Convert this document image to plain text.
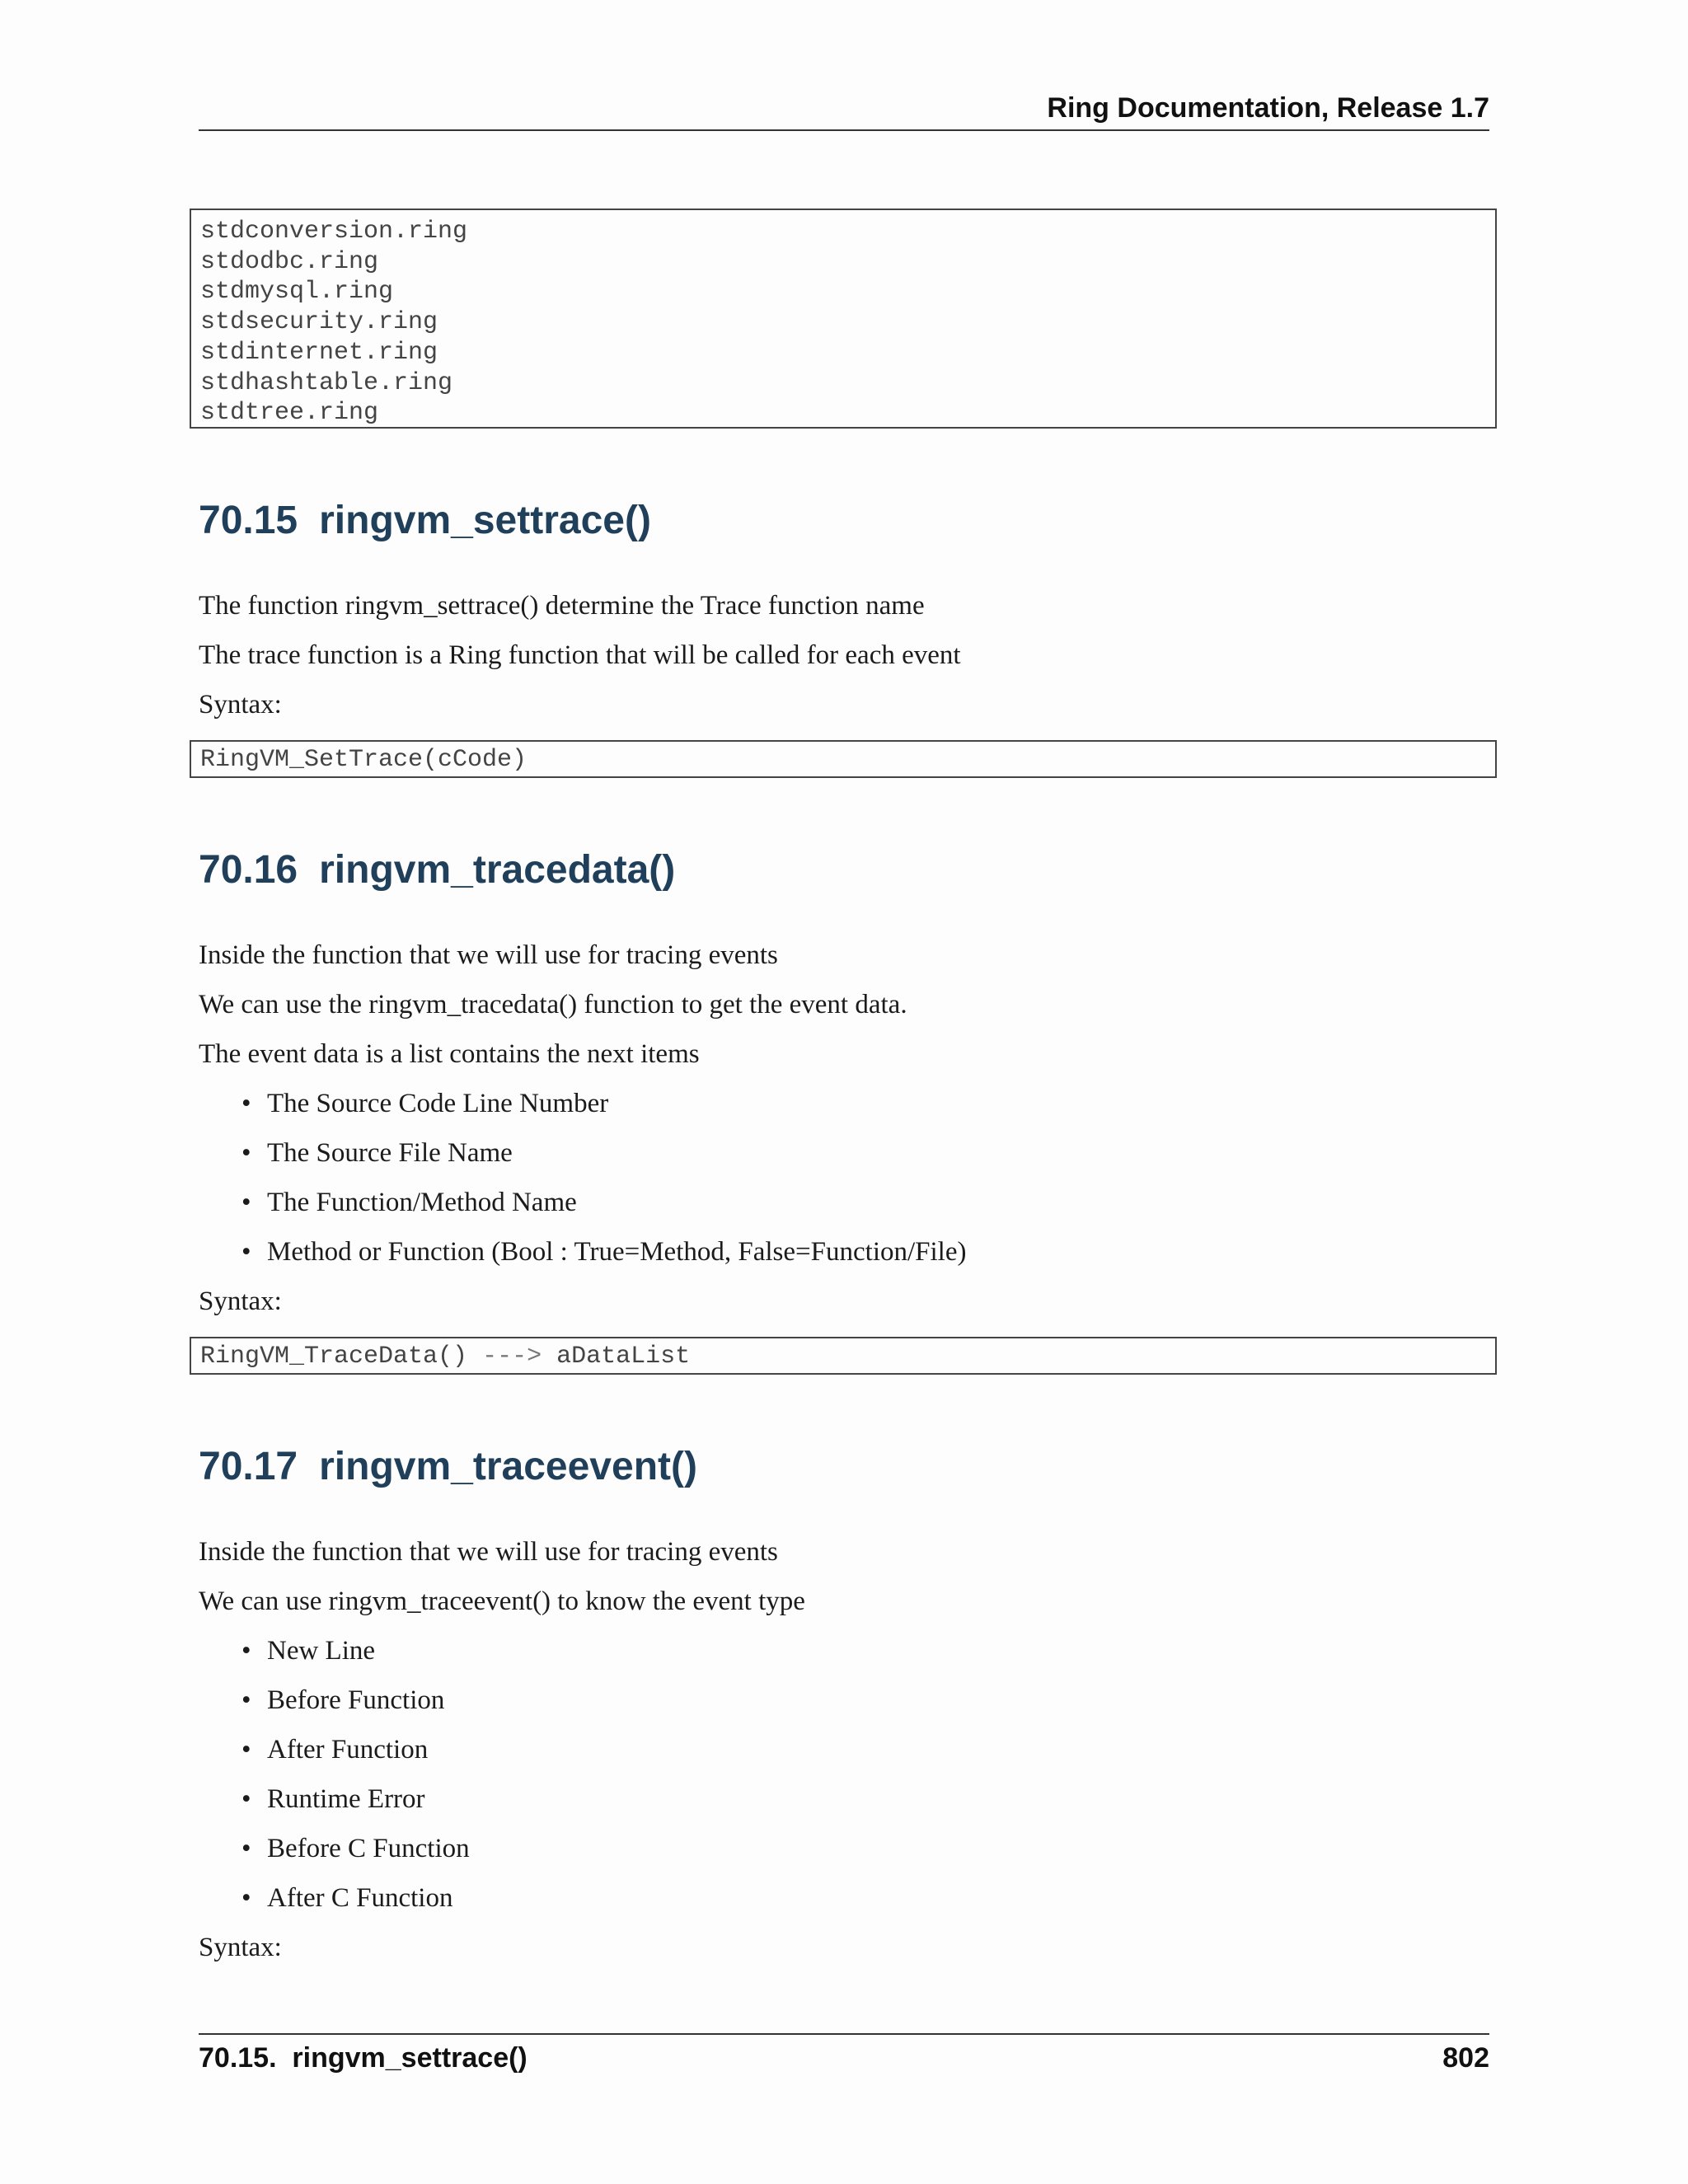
Ring Documentation, Release 1.7
stdconversion.ring
stdodbc.ring
stdmysql.ring
stdsecurity.ring
stdinternet.ring
stdhashtable.ring
stdtree.ring
70.15 ringvm_settrace()
The function ringvm_settrace() determine the Trace function name
The trace function is a Ring function that will be called for each event
Syntax:
RingVM_SetTrace(cCode)
70.16 ringvm_tracedata()
Inside the function that we will use for tracing events
We can use the ringvm_tracedata() function to get the event data.
The event data is a list contains the next items
• The Source Code Line Number
• The Source File Name
• The Function/Method Name
• Method or Function (Bool : True=Method, False=Function/File)
Syntax:
RingVM_TraceData() ---> aDataList
70.17 ringvm_traceevent()
Inside the function that we will use for tracing events
We can use ringvm_traceevent() to know the event type
• New Line
• Before Function
• After Function
• Runtime Error
• Before C Function
• After C Function
Syntax:
70.15.  ringvm_settrace()	802
